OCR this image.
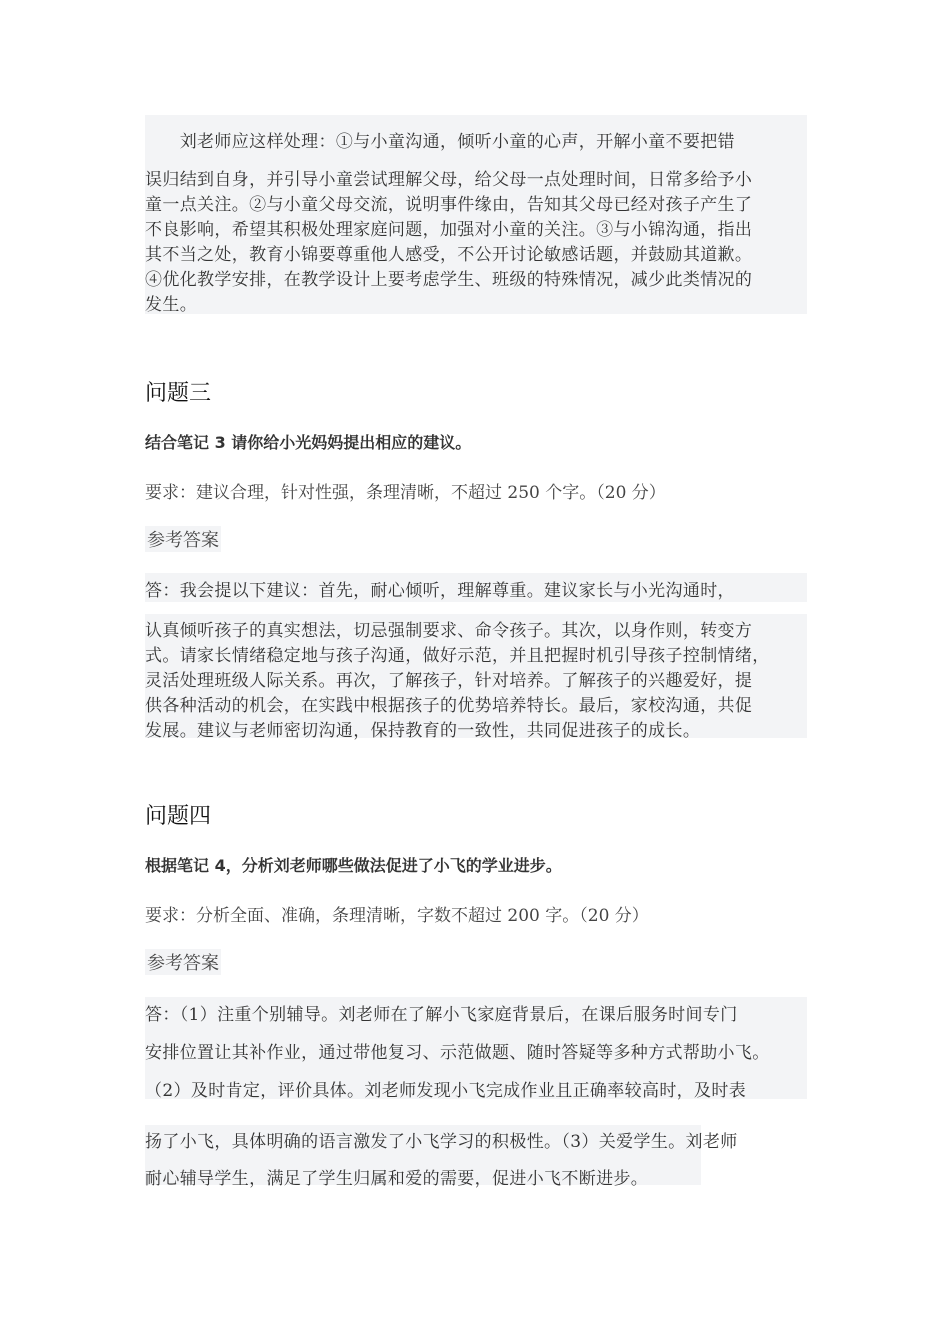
　　刘老师应这样处理：①与小童沟通，倾听小童的心声，开解小童不要把错
误归结到自身，并引导小童尝试理解父母，给父母一点处理时间，日常多给予小
童一点关注。②与小童父母交流，说明事件缘由，告知其父母已经对孩子产生了
不良影响，希望其积极处理家庭问题，加强对小童的关注。③与小锦沟通，指出
其不当之处，教育小锦要尊重他人感受，不公开讨论敏感话题，并鼓励其道歉。
④优化教学安排，在教学设计上要考虑学生、班级的特殊情况，减少此类情况的
发生。
问题三
结合笔记 3 请你给小光妈妈提出相应的建议。
要求：建议合理，针对性强，条理清晰，不超过 250 个字。（20 分）
参考答案
答：我会提以下建议：首先，耐心倾听，理解尊重。建议家长与小光沟通时，
认真倾听孩子的真实想法，切忌强制要求、命令孩子。其次，以身作则，转变方
式。请家长情绪稳定地与孩子沟通，做好示范，并且把握时机引导孩子控制情绪，
灵活处理班级人际关系。再次，了解孩子，针对培养。了解孩子的兴趣爱好，提
供各种活动的机会，在实践中根据孩子的优势培养特长。最后，家校沟通，共促
发展。建议与老师密切沟通，保持教育的一致性，共同促进孩子的成长。
问题四
根据笔记 4，分析刘老师哪些做法促进了小飞的学业进步。
要求：分析全面、准确，条理清晰，字数不超过 200 字。（20 分）
参考答案
答：（1）注重个别辅导。刘老师在了解小飞家庭背景后，在课后服务时间专门
安排位置让其补作业，通过带他复习、示范做题、随时答疑等多种方式帮助小飞。
（2）及时肯定，评价具体。刘老师发现小飞完成作业且正确率较高时，及时表
扬了小飞，具体明确的语言激发了小飞学习的积极性。（3）关爱学生。刘老师
耐心辅导学生，满足了学生归属和爱的需要，促进小飞不断进步。
